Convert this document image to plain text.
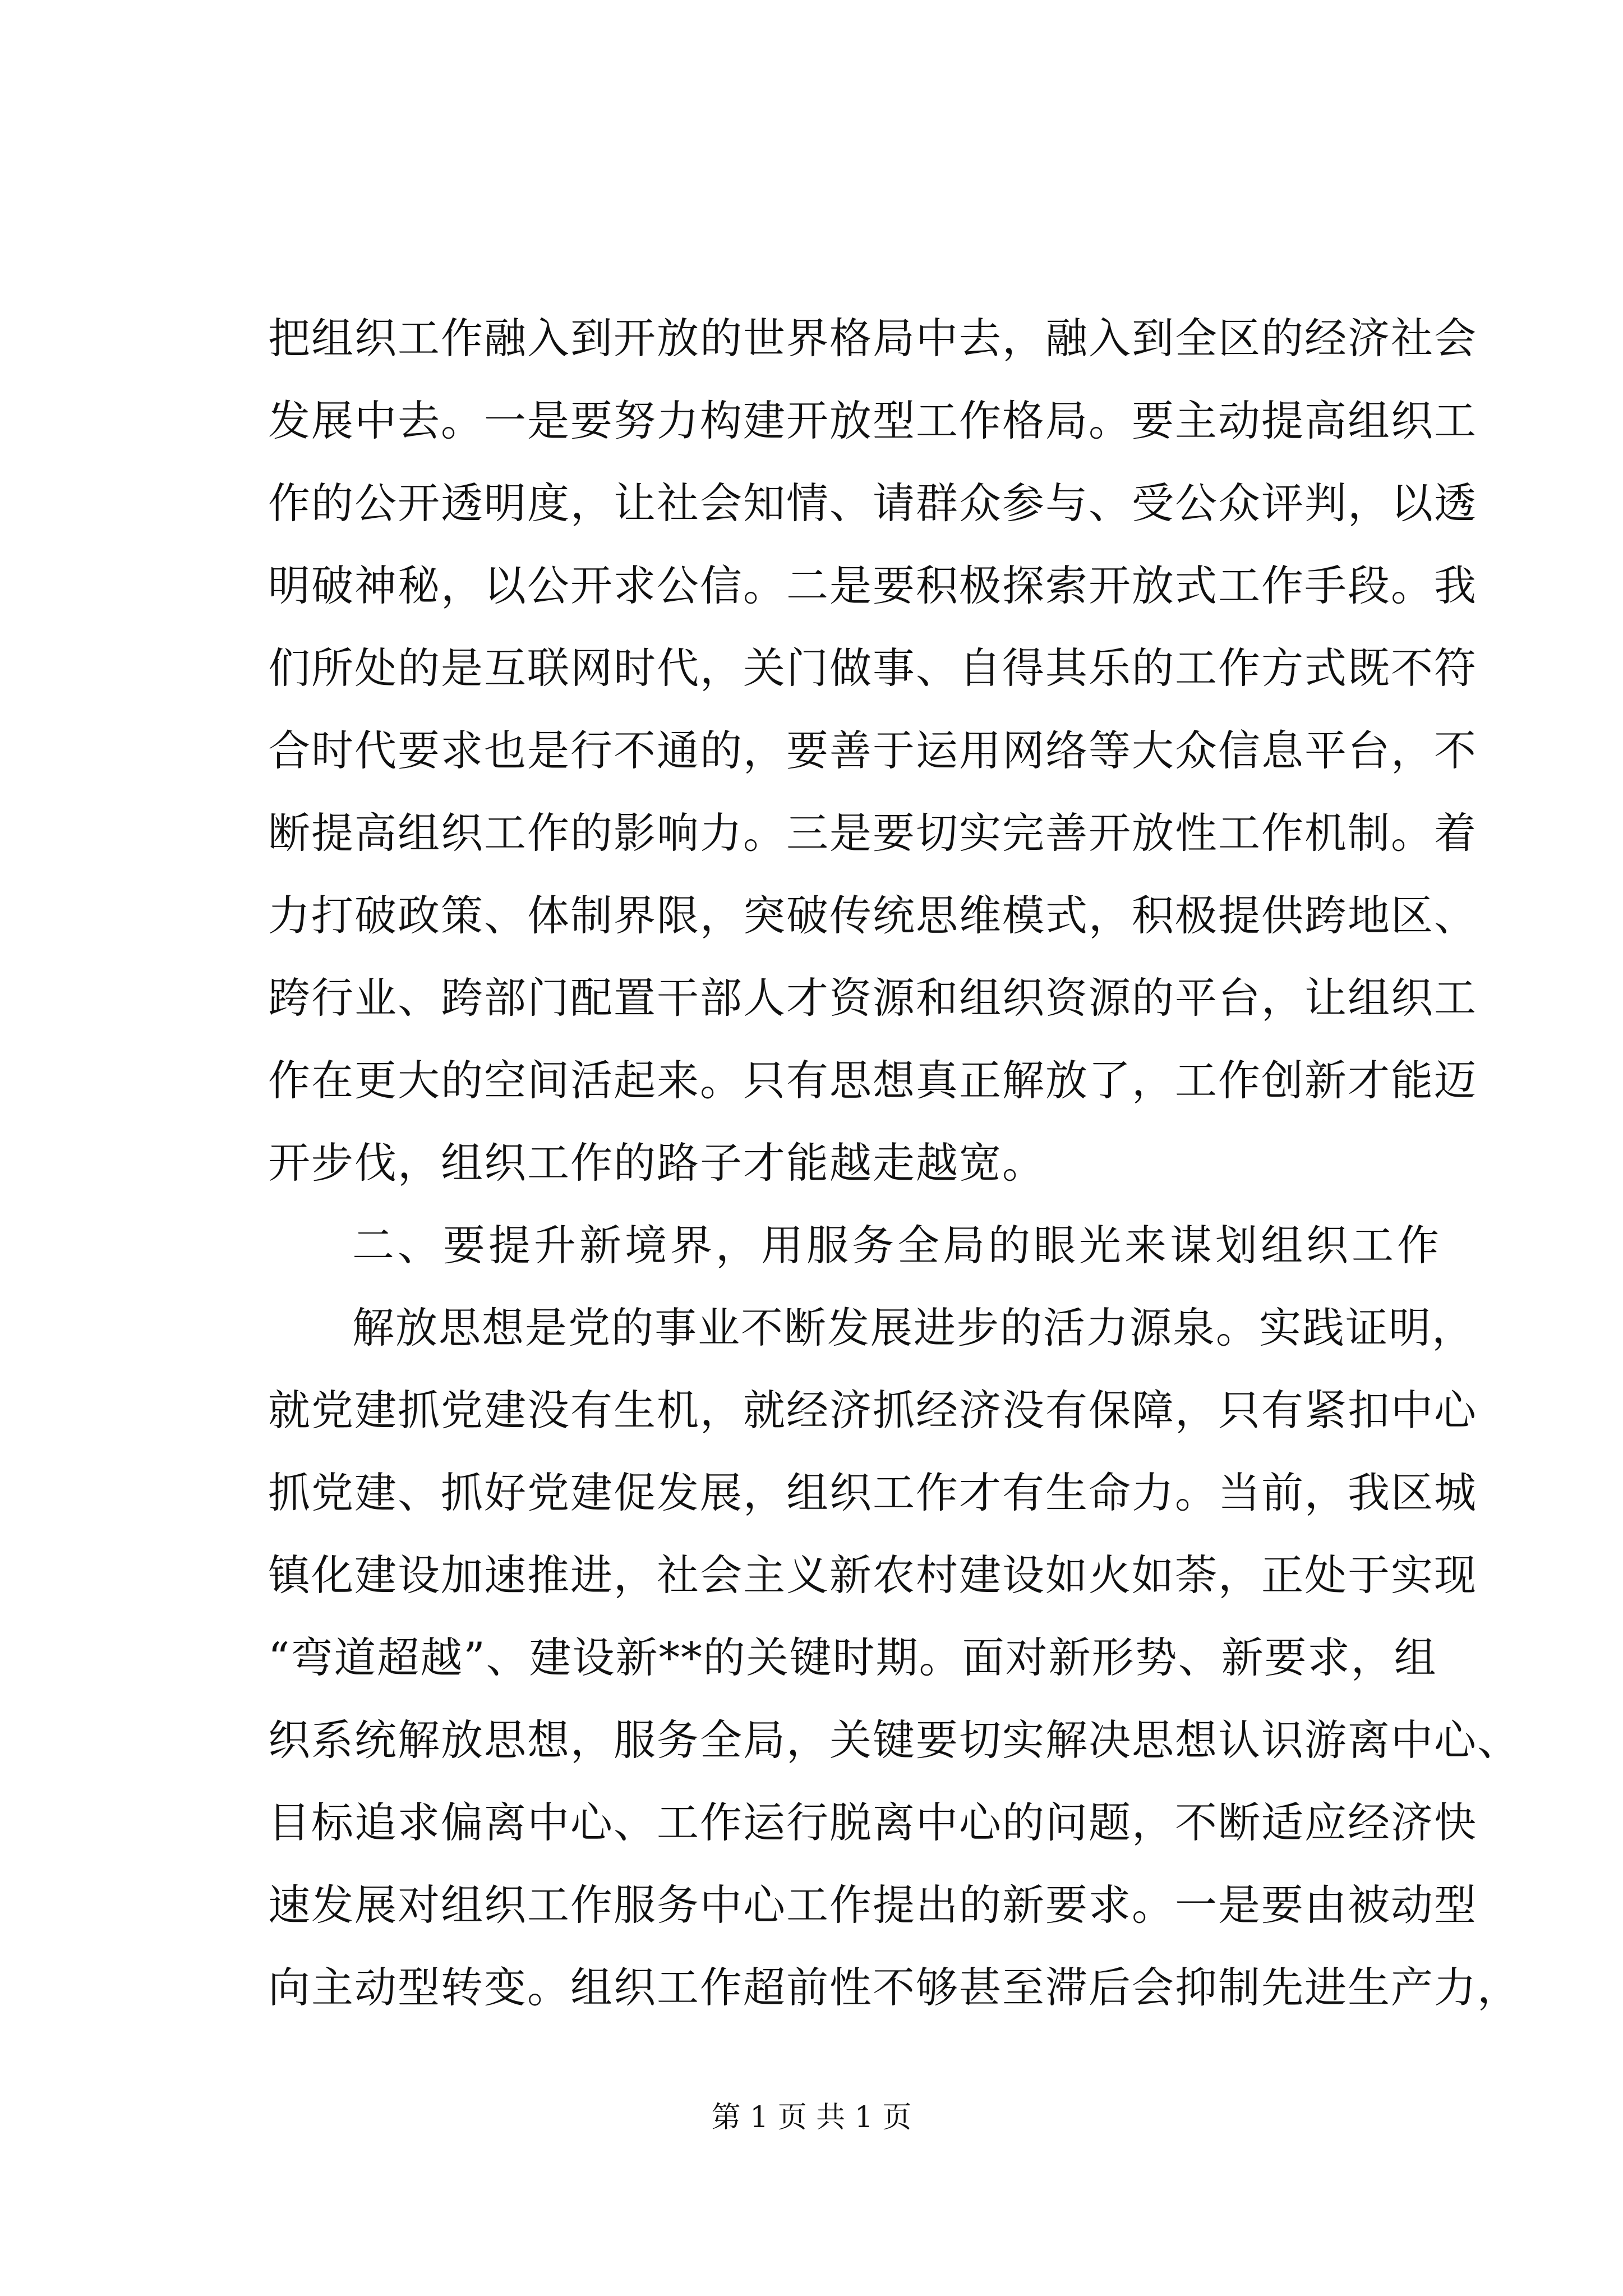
把组织工作融入到开放的世界格局中去，融入到全区的经济社会
发展中去。一是要努力构建开放型工作格局。要主动提高组织工
作的公开透明度，让社会知情、请群众参与、受公众评判，以透
明破神秘，以公开求公信。二是要积极探索开放式工作手段。我
们所处的是互联网时代，关门做事、自得其乐的工作方式既不符
合时代要求也是行不通的，要善于运用网络等大众信息平台，不
断提高组织工作的影响力。三是要切实完善开放性工作机制。着
力打破政策、体制界限，突破传统思维模式，积极提供跨地区、
跨行业、跨部门配置干部人才资源和组织资源的平台，让组织工
作在更大的空间活起来。只有思想真正解放了，工作创新才能迈
开步伐，组织工作的路子才能越走越宽。
二、要提升新境界，用服务全局的眼光来谋划组织工作
解放思想是党的事业不断发展进步的活力源泉。实践证明，
就党建抓党建没有生机，就经济抓经济没有保障，只有紧扣中心
抓党建、抓好党建促发展，组织工作才有生命力。当前，我区城
镇化建设加速推进，社会主义新农村建设如火如荼，正处于实现
“弯道超越”、建设新**的关键时期。面对新形势、新要求，组
织系统解放思想，服务全局，关键要切实解决思想认识游离中心、
目标追求偏离中心、工作运行脱离中心的问题，不断适应经济快
速发展对组织工作服务中心工作提出的新要求。一是要由被动型
向主动型转变。组织工作超前性不够甚至滞后会抑制先进生产力，
第 1 页 共 1 页
